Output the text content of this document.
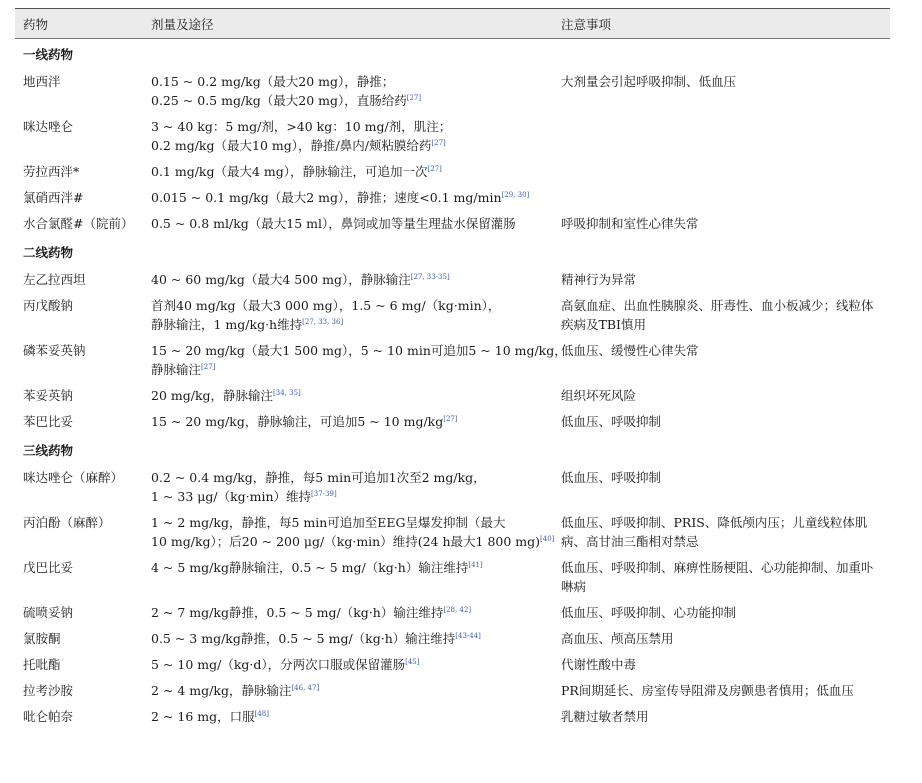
药物	剂量及途径	注意事项
一线药物		
地西泮	0.15 ~ 0.2 mg/kg（最大20 mg），静推；
0.25 ~ 0.5 mg/kg（最大20 mg），直肠给药[27]	大剂量会引起呼吸抑制、低血压
咪达唑仑	3 ~ 40 kg：5 mg/剂，>40 kg：10 mg/剂，肌注；
0.2 mg/kg（最大10 mg），静推/鼻内/颊粘膜给药[27]

劳拉西泮*	0.1 mg/kg（最大4 mg），静脉输注，可追加一次[27]

氯硝西泮#	0.015 ~ 0.1 mg/kg（最大2 mg），静推；速度<0.1 mg/min[29, 30]

水合氯醛#（院前）	0.5 ~ 0.8 ml/kg（最大15 ml），鼻饲或加等量生理盐水保留灌肠	呼吸抑制和室性心律失常
二线药物		
左乙拉西坦	40 ~ 60 mg/kg（最大4 500 mg），静脉输注[27, 33-35]	精神行为异常
丙戊酸钠	首剂40 mg/kg（最大3 000 mg），1.5 ~ 6 mg/（kg·min），
静脉输注，1 mg/kg·h维持[27, 33, 36]	高氨血症、出血性胰腺炎、肝毒性、血小板减少；线粒体疾病及TBI慎用
磷苯妥英钠	15 ~ 20 mg/kg（最大1 500 mg），5 ~ 10 min可追加5 ~ 10 mg/kg，
静脉输注[27]	低血压、缓慢性心律失常
苯妥英钠	20 mg/kg，静脉输注[34, 35]	组织坏死风险
苯巴比妥	15 ~ 20 mg/kg，静脉输注，可追加5 ~ 10 mg/kg[27]	低血压、呼吸抑制
三线药物		
咪达唑仑（麻醉）	0.2 ~ 0.4 mg/kg，静推，每5 min可追加1次至2 mg/kg，
1 ~ 33 μg/（kg·min）维持[37-39]	低血压、呼吸抑制
丙泊酚（麻醉）	1 ~ 2 mg/kg，静推，每5 min可追加至EEG呈爆发抑制（最大
10 mg/kg）；后20 ~ 200 μg/（kg·min）维持(24 h最大1 800 mg)[40]	低血压、呼吸抑制、PRIS、降低颅内压；儿童线粒体肌病、高甘油三酯相对禁忌
戊巴比妥	4 ~ 5 mg/kg静脉输注，0.5 ~ 5 mg/（kg·h）输注维持[41]	低血压、呼吸抑制、麻痹性肠梗阻、心功能抑制、加重卟啉病
硫喷妥钠	2 ~ 7 mg/kg静推，0.5 ~ 5 mg/（kg·h）输注维持[28, 42]	低血压、呼吸抑制、心功能抑制
氯胺酮	0.5 ~ 3 mg/kg静推，0.5 ~ 5 mg/（kg·h）输注维持[43-44]	高血压、颅高压禁用
托吡酯	5 ~ 10 mg/（kg·d），分两次口服或保留灌肠[45]	代谢性酸中毒
拉考沙胺	2 ~ 4 mg/kg，静脉输注[46, 47]	PR间期延长、房室传导阻滞及房颤患者慎用；低血压
吡仑帕奈	2 ~ 16 mg，口服[48]	乳糖过敏者禁用
